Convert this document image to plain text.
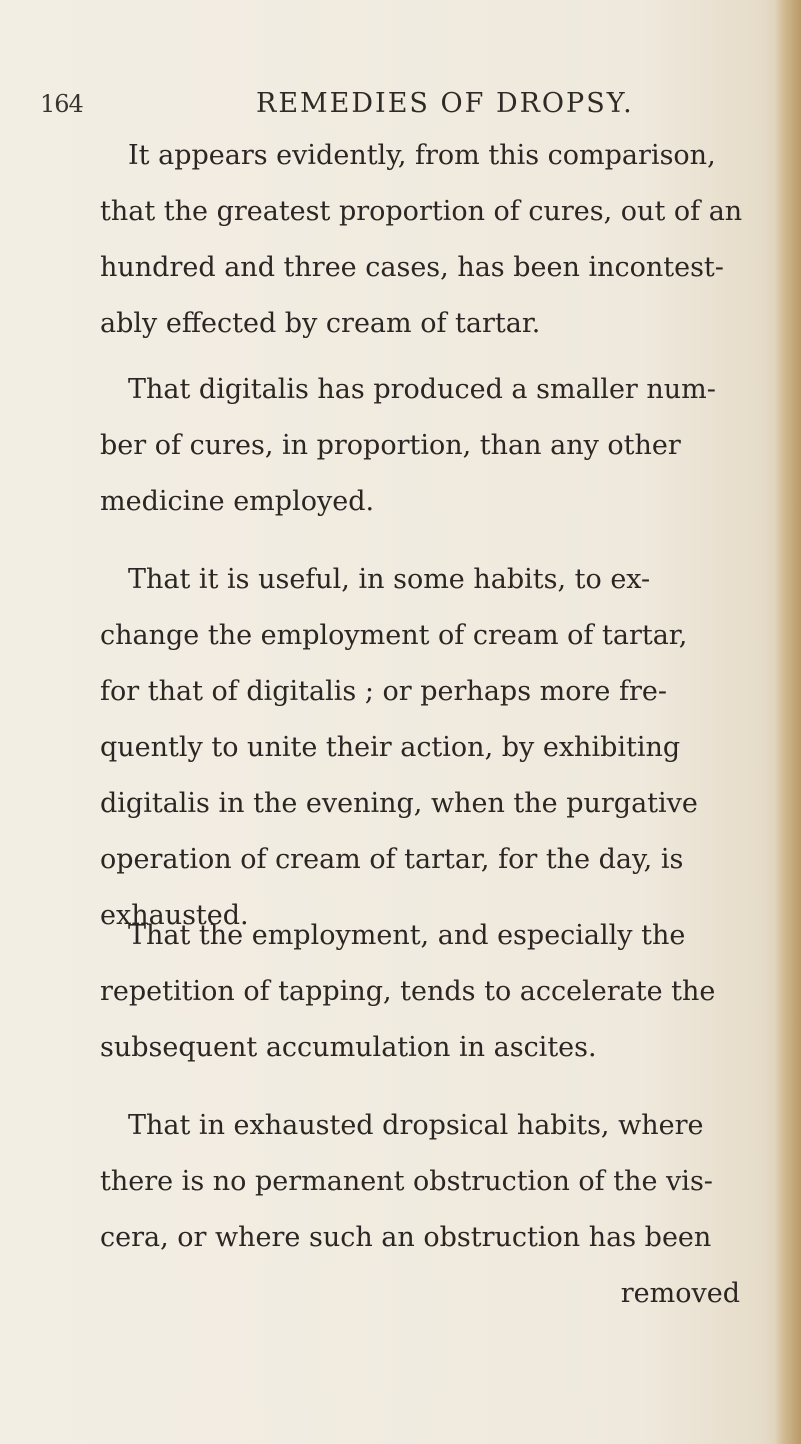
164	REMEDIES OF DROPSY.

It appears evidently, from this comparison,
that the greatest proportion of cures, out of an
hundred and three cases, has been incontest-
ably effected by cream of tartar.

That digitalis has produced a smaller num-
ber of cures, in proportion, than any other
medicine employed.

That it is useful, in some habits, to ex-
change the employment of cream of tartar,
for that of digitalis ; or perhaps more fre-
quently to unite their action, by exhibiting
digitalis in the evening, when the purgative
operation of cream of tartar, for the day, is
exhausted.

That the employment, and especially the
repetition of tapping, tends to accelerate the
subsequent accumulation in ascites.

That in exhausted dropsical habits, where
there is no permanent obstruction of the vis-
cera, or where such an obstruction has been
removed
